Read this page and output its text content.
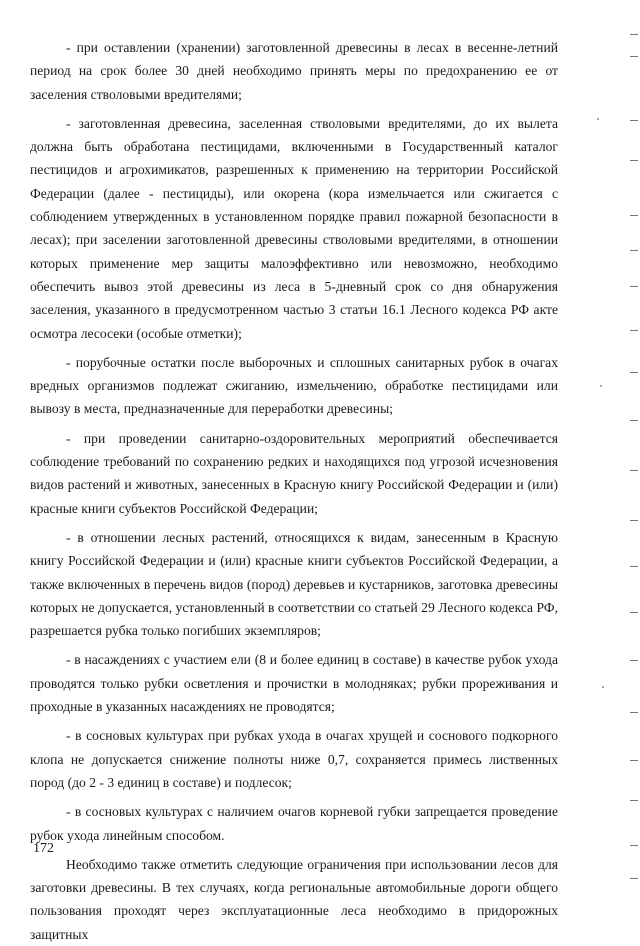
- при оставлении (хранении) заготовленной древесины в лесах в весенне-летний период на срок более 30 дней необходимо принять меры по предохранению ее от заселения стволовыми вредителями;

- заготовленная древесина, заселенная стволовыми вредителями, до их вылета должна быть обработана пестицидами, включенными в Государственный каталог пестицидов и агрохимикатов, разрешенных к применению на территории Российской Федерации (далее - пестициды), или окорена (кора измельчается или сжигается с соблюдением утвержденных в установленном порядке правил пожарной безопасности в лесах); при заселении заготовленной древесины стволовыми вредителями, в отношении которых применение мер защиты малоэффективно или невозможно, необходимо обеспечить вывоз этой древесины из леса в 5-дневный срок со дня обнаружения заселения, указанного в предусмотренном частью 3 статьи 16.1 Лесного кодекса РФ акте осмотра лесосеки (особые отметки);

- порубочные остатки после выборочных и сплошных санитарных рубок в очагах вредных организмов подлежат сжиганию, измельчению, обработке пестицидами или вывозу в места, предназначенные для переработки древесины;

- при проведении санитарно-оздоровительных мероприятий обеспечивается соблюдение требований по сохранению редких и находящихся под угрозой исчезновения видов растений и животных, занесенных в Красную книгу Российской Федерации и (или) красные книги субъектов Российской Федерации;

- в отношении лесных растений, относящихся к видам, занесенным в Красную книгу Российской Федерации и (или) красные книги субъектов Российской Федерации, а также включенных в перечень видов (пород) деревьев и кустарников, заготовка древесины которых не допускается, установленный в соответствии со статьей 29 Лесного кодекса РФ, разрешается рубка только погибших экземпляров;

- в насаждениях с участием ели (8 и более единиц в составе) в качестве рубок ухода проводятся только рубки осветления и прочистки в молодняках; рубки прореживания и проходные в указанных насаждениях не проводятся;

- в сосновых культурах при рубках ухода в очагах хрущей и соснового подкорного клопа не допускается снижение полноты ниже 0,7, сохраняется примесь лиственных пород (до 2 - 3 единиц в составе) и подлесок;

- в сосновых культурах с наличием очагов корневой губки запрещается проведение рубок ухода линейным способом.

Необходимо также отметить следующие ограничения при использовании лесов для заготовки древесины. В тех случаях, когда региональные автомобильные дороги общего пользования проходят через эксплуатационные леса необходимо в придорожных защитных

172
